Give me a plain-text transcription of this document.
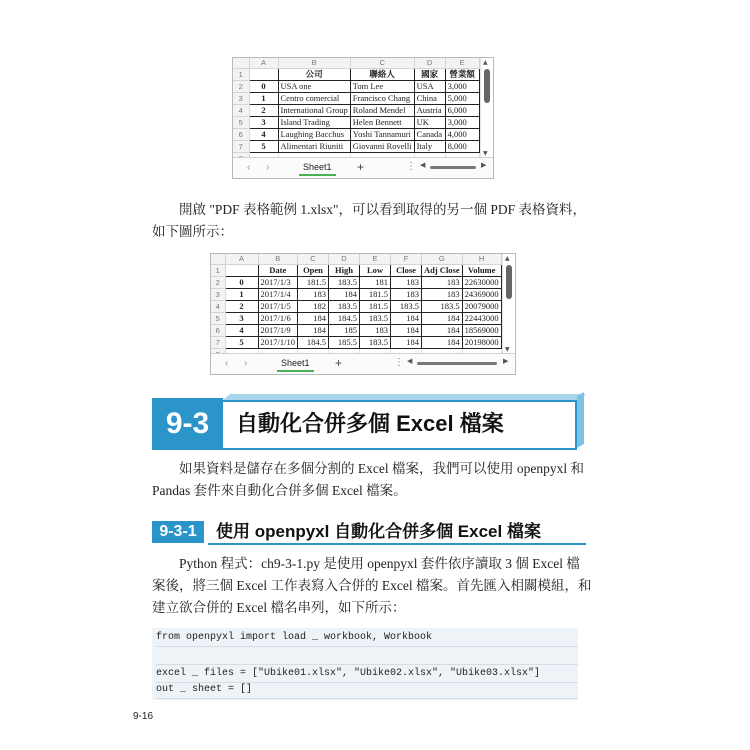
	A	B	C	D	E
1		公司	聯絡人	國家	營業額
2	0	USA one	Tom Lee	USA	3,000
3	1	Centro comercial	Francisco Chang	China	5,000
4	2	International Group	Roland Mendel	Austria	6,000
5	3	Island Trading	Helen Bennett	UK	3,000
6	4	Laughing Bacchus	Yoshi Tannamuri	Canada	4,000
7	5	Alimentari Riuniti	Giovanni Rovelli	Italy	8,000

▲
▼
‹ ›	Sheet1	+	⋮ ◀	▶
開啟 "PDF 表格範例 1.xlsx"，可以看到取得的另一個 PDF 表格資料，如下圖所示：
	A	B	C	D	E	F	G	H
1		Date	Open	High	Low	Close	Adj Close	Volume
2	0	2017/1/3	181.5	183.5	181	183	183	22630000
3	1	2017/1/4	183	184	181.5	183	183	24369000
4	2	2017/1/5	182	183.5	181.5	183.5	183.5	20079000
5	3	2017/1/6	184	184.5	183.5	184	184	22443000
6	4	2017/1/9	184	185	183	184	184	18569000
7	5	2017/1/10	184.5	185.5	183.5	184	184	20198000

▲
▼
‹ ›	Sheet1	+	⋮ ◀	▶
9-3	自動化合併多個 Excel 檔案
如果資料是儲存在多個分割的 Excel 檔案，我們可以使用 openpyxl 和 Pandas 套件來自動化合併多個 Excel 檔案。
9-3-1	使用 openpyxl 自動化合併多個 Excel 檔案
Python 程式：ch9-3-1.py 是使用 openpyxl 套件依序讀取 3 個 Excel 檔案後，將三個 Excel 工作表寫入合併的 Excel 檔案。首先匯入相關模組，和建立欲合併的 Excel 檔名串列，如下所示：
from openpyxl import load _ workbook, Workbook
excel _ files = ["Ubike01.xlsx", "Ubike02.xlsx", "Ubike03.xlsx"]
out _ sheet = []
9-16
